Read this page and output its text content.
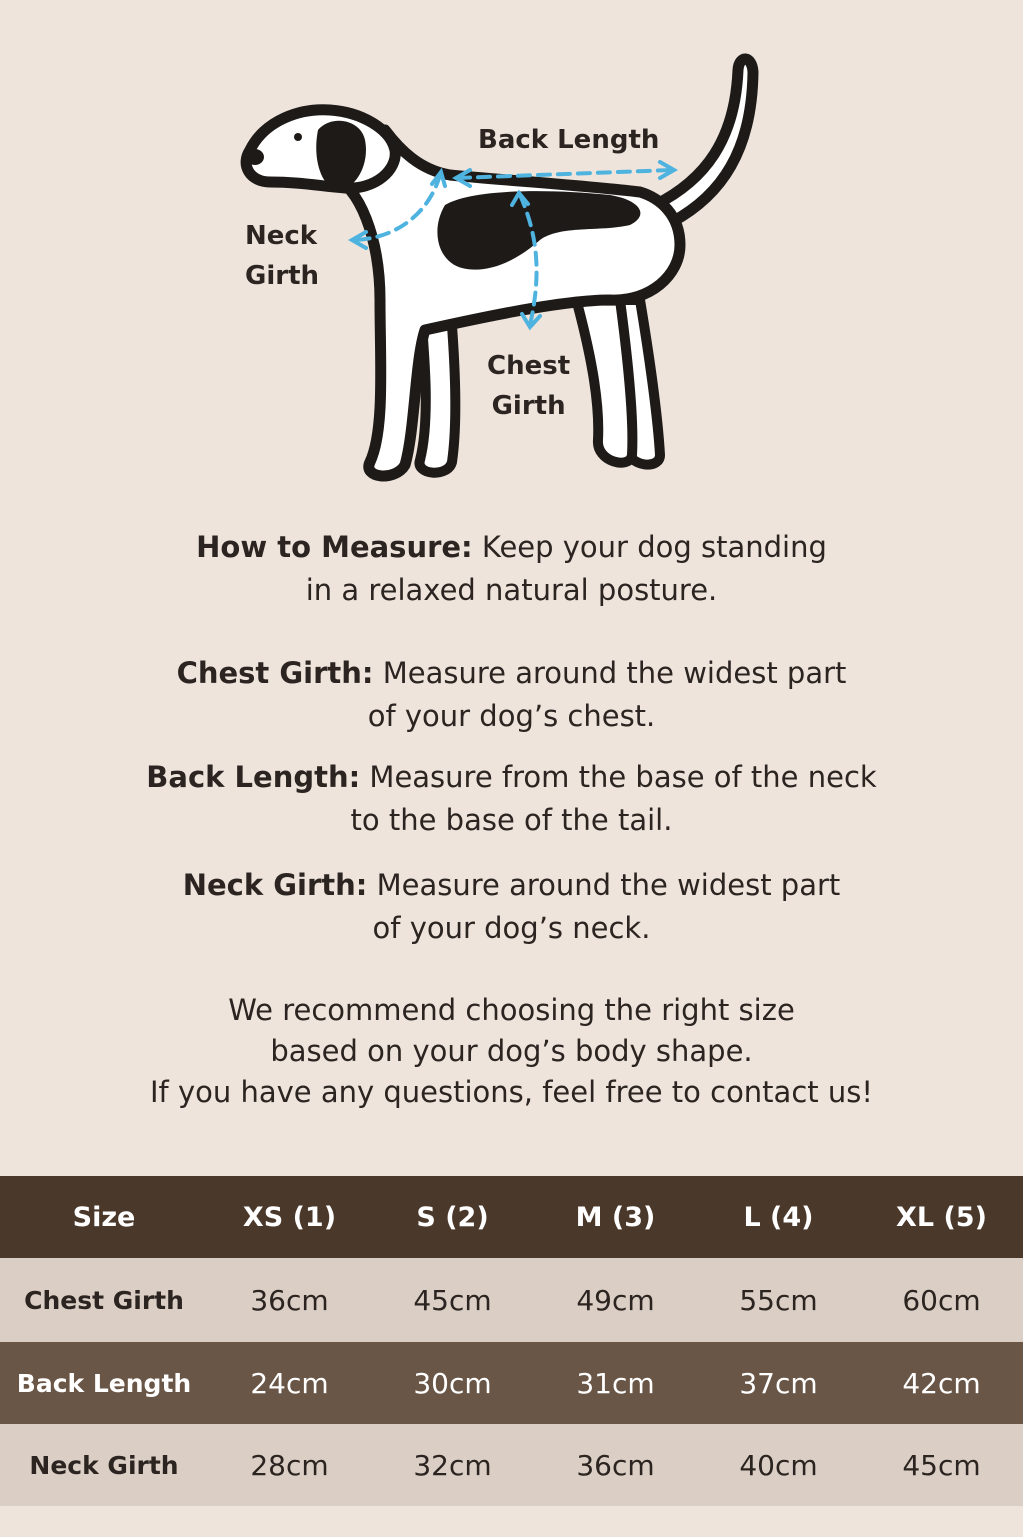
Back Length
Neck
Girth
Chest
Girth
How to Measure: Keep your dog standing
in a relaxed natural posture.
Chest Girth: Measure around the widest part
of your dog’s chest.
Back Length: Measure from the base of the neck
to the base of the tail.
Neck Girth: Measure around the widest part
of your dog’s neck.
We recommend choosing the right size
based on your dog’s body shape.
If you have any questions, feel free to contact us!
Size	XS (1)	S (2)	M (3)	L (4)	XL (5)
Chest Girth	36cm	45cm	49cm	55cm	60cm
Back Length	24cm	30cm	31cm	37cm	42cm
Neck Girth	28cm	32cm	36cm	40cm	45cm
